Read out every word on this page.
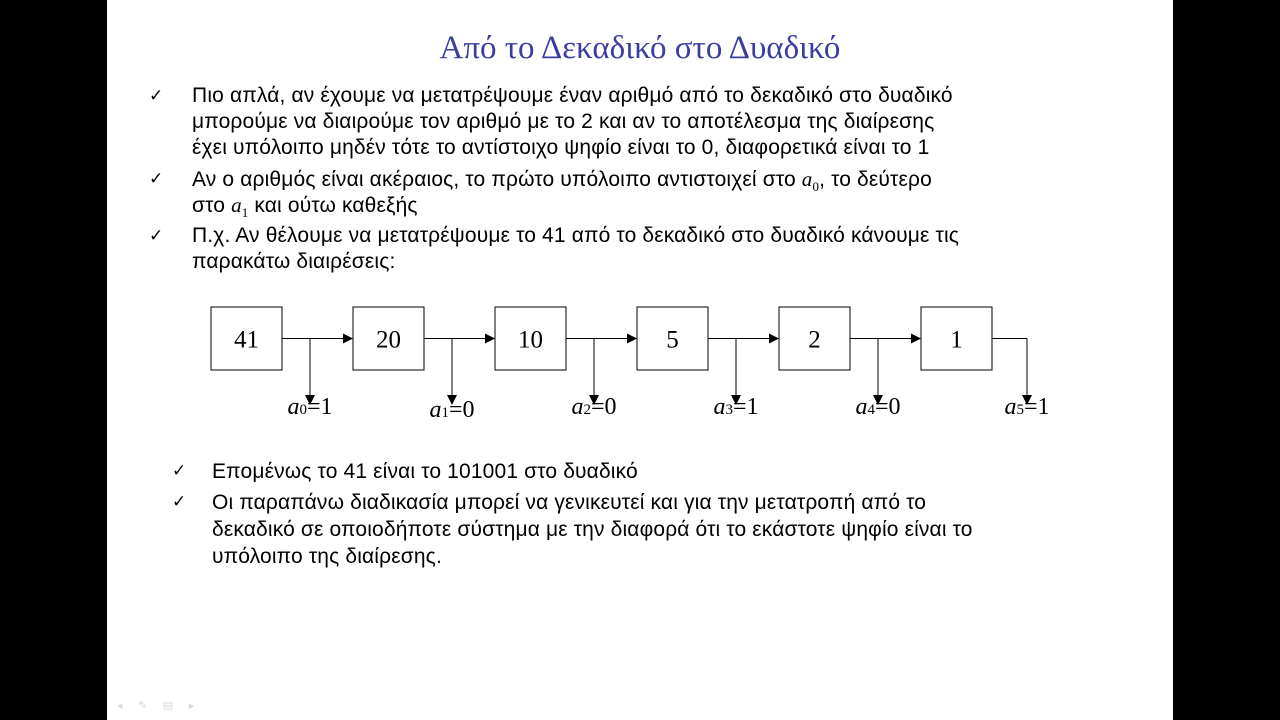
Από το Δεκαδικό στο Δυαδικό
✓ Πιο απλά, αν έχουμε να μετατρέψουμε έναν αριθμό από το δεκαδικό στο δυαδικό
μπορούμε να διαιρούμε τον αριθμό με το 2 και αν το αποτέλεσμα της διαίρεσης
έχει υπόλοιπο μηδέν τότε το αντίστοιχο ψηφίο είναι το 0, διαφορετικά είναι το 1
✓ Αν ο αριθμός είναι ακέραιος, το πρώτο υπόλοιπο αντιστοιχεί στο $a_0$, το δεύτερο
στο $a_1$ και ούτω καθεξής
✓ Π.χ. Αν θέλουμε να μετατρέψουμε το 41 από το δεκαδικό στο δυαδικό κάνουμε τις
παρακάτω διαιρέσεις:
41
a0=1
20
a1=0
10
a2=0
5
a3=1
2
a4=0
1
a5=1
✓ Επομένως το 41 είναι το 101001 στο δυαδικό
✓ Οι παραπάνω διαδικασία μπορεί να γενικευτεί και για την μετατροπή από το
δεκαδικό σε οποιοδήποτε σύστημα με την διαφορά ότι το εκάστοτε ψηφίο είναι το
υπόλοιπο της διαίρεσης.
◂ ✎ ▤ ▸
